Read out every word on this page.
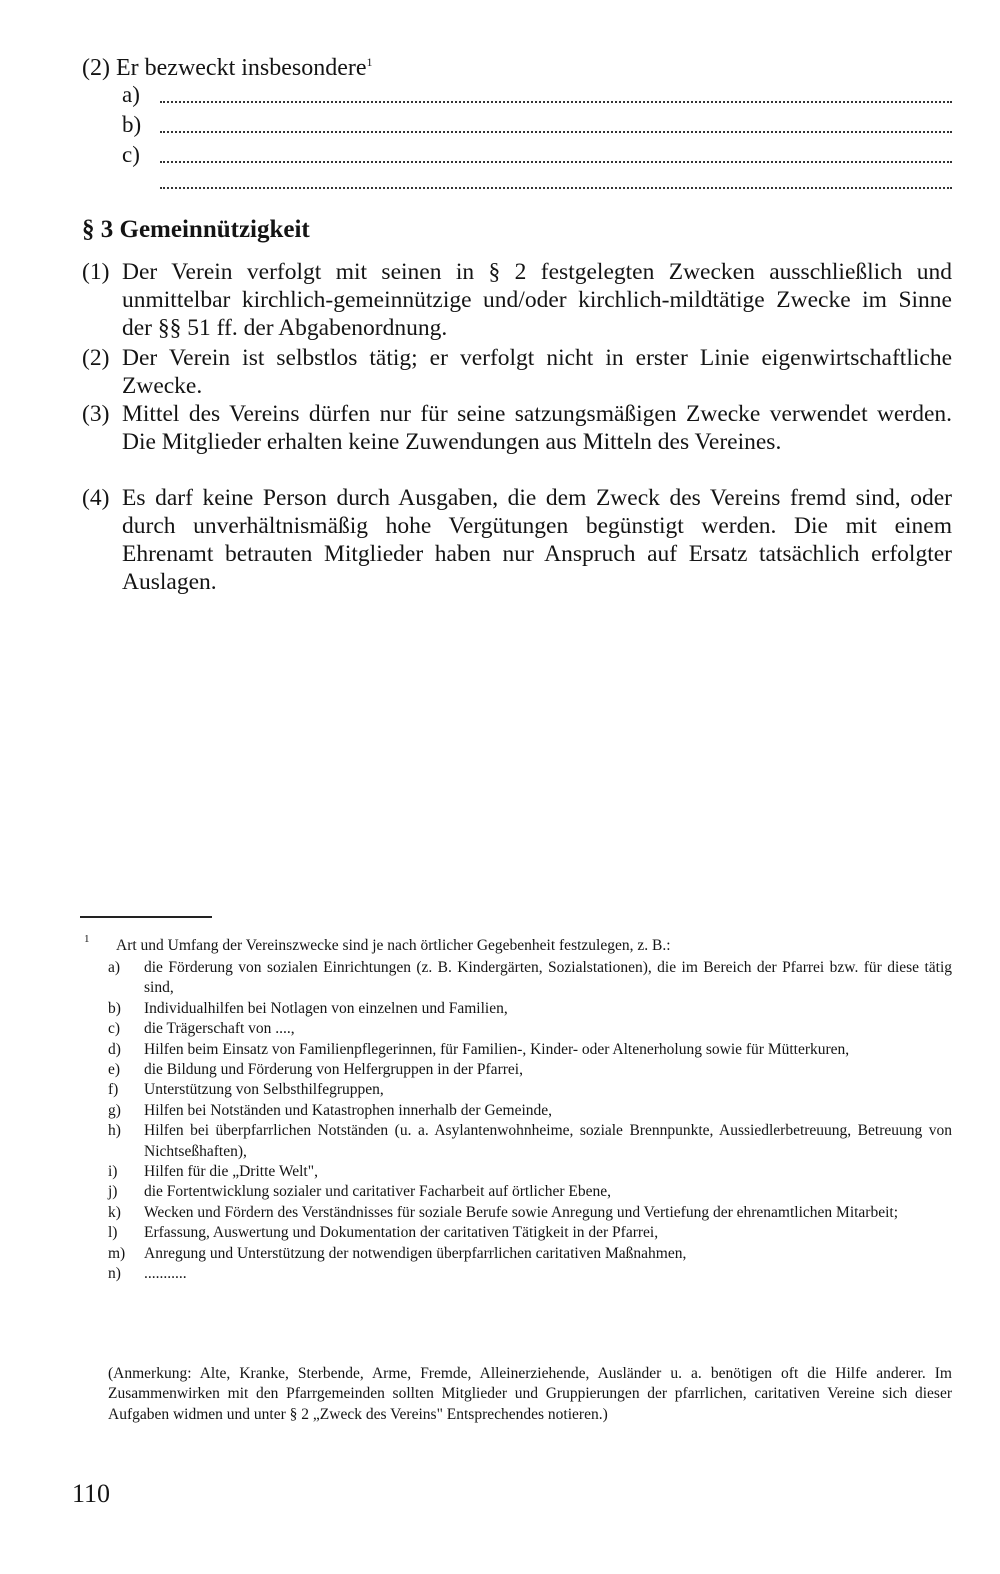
(2) Er bezweckt insbesondere$^1$
a)
b)
c)
§ 3 Gemeinnützigkeit
(1) Der Verein verfolgt mit seinen in § 2 festgelegten Zwecken ausschließlich und unmittelbar kirchlich-gemeinnützige und/oder kirchlich-mildtätige Zwecke im Sinne der §§ 51 ff. der Abgabenordnung.
(2) Der Verein ist selbstlos tätig; er verfolgt nicht in erster Linie eigenwirtschaftliche Zwecke.
(3) Mittel des Vereins dürfen nur für seine satzungsmäßigen Zwecke verwendet werden. Die Mitglieder erhalten keine Zuwendungen aus Mitteln des Vereines.
(4) Es darf keine Person durch Ausgaben, die dem Zweck des Vereins fremd sind, oder durch unverhältnismäßig hohe Vergütungen begünstigt werden. Die mit einem Ehrenamt betrauten Mitglieder haben nur Anspruch auf Ersatz tatsächlich erfolgter Auslagen.
1 Art und Umfang der Vereinszwecke sind je nach örtlicher Gegebenheit festzulegen, z. B.:
a)	die Förderung von sozialen Einrichtungen (z. B. Kindergärten, Sozialstationen), die im Bereich der Pfarrei bzw. für diese tätig sind,
b)	Individualhilfen bei Notlagen von einzelnen und Familien,
c)	die Trägerschaft von ....,
d)	Hilfen beim Einsatz von Familienpflegerinnen, für Familien-, Kinder- oder Altenerholung sowie für Mütterkuren,
e)	die Bildung und Förderung von Helfergruppen in der Pfarrei,
f)	Unterstützung von Selbsthilfegruppen,
g)	Hilfen bei Notständen und Katastrophen innerhalb der Gemeinde,
h)	Hilfen bei überpfarrlichen Notständen (u. a. Asylantenwohnheime, soziale Brennpunkte, Aussiedlerbetreuung, Betreuung von Nichtseßhaften),
i)	Hilfen für die „Dritte Welt",
j)	die Fortentwicklung sozialer und caritativer Facharbeit auf örtlicher Ebene,
k)	Wecken und Fördern des Verständnisses für soziale Berufe sowie Anregung und Vertiefung der ehrenamtlichen Mitarbeit;
l)	Erfassung, Auswertung und Dokumentation der caritativen Tätigkeit in der Pfarrei,
m)	Anregung und Unterstützung der notwendigen überpfarrlichen caritativen Maßnahmen,
n)	...........
(Anmerkung: Alte, Kranke, Sterbende, Arme, Fremde, Alleinerziehende, Ausländer u. a. benötigen oft die Hilfe anderer. Im Zusammenwirken mit den Pfarrgemeinden sollten Mitglieder und Gruppierungen der pfarrlichen, caritativen Vereine sich dieser Aufgaben widmen und unter § 2 „Zweck des Vereins" Entsprechendes notieren.)
110
